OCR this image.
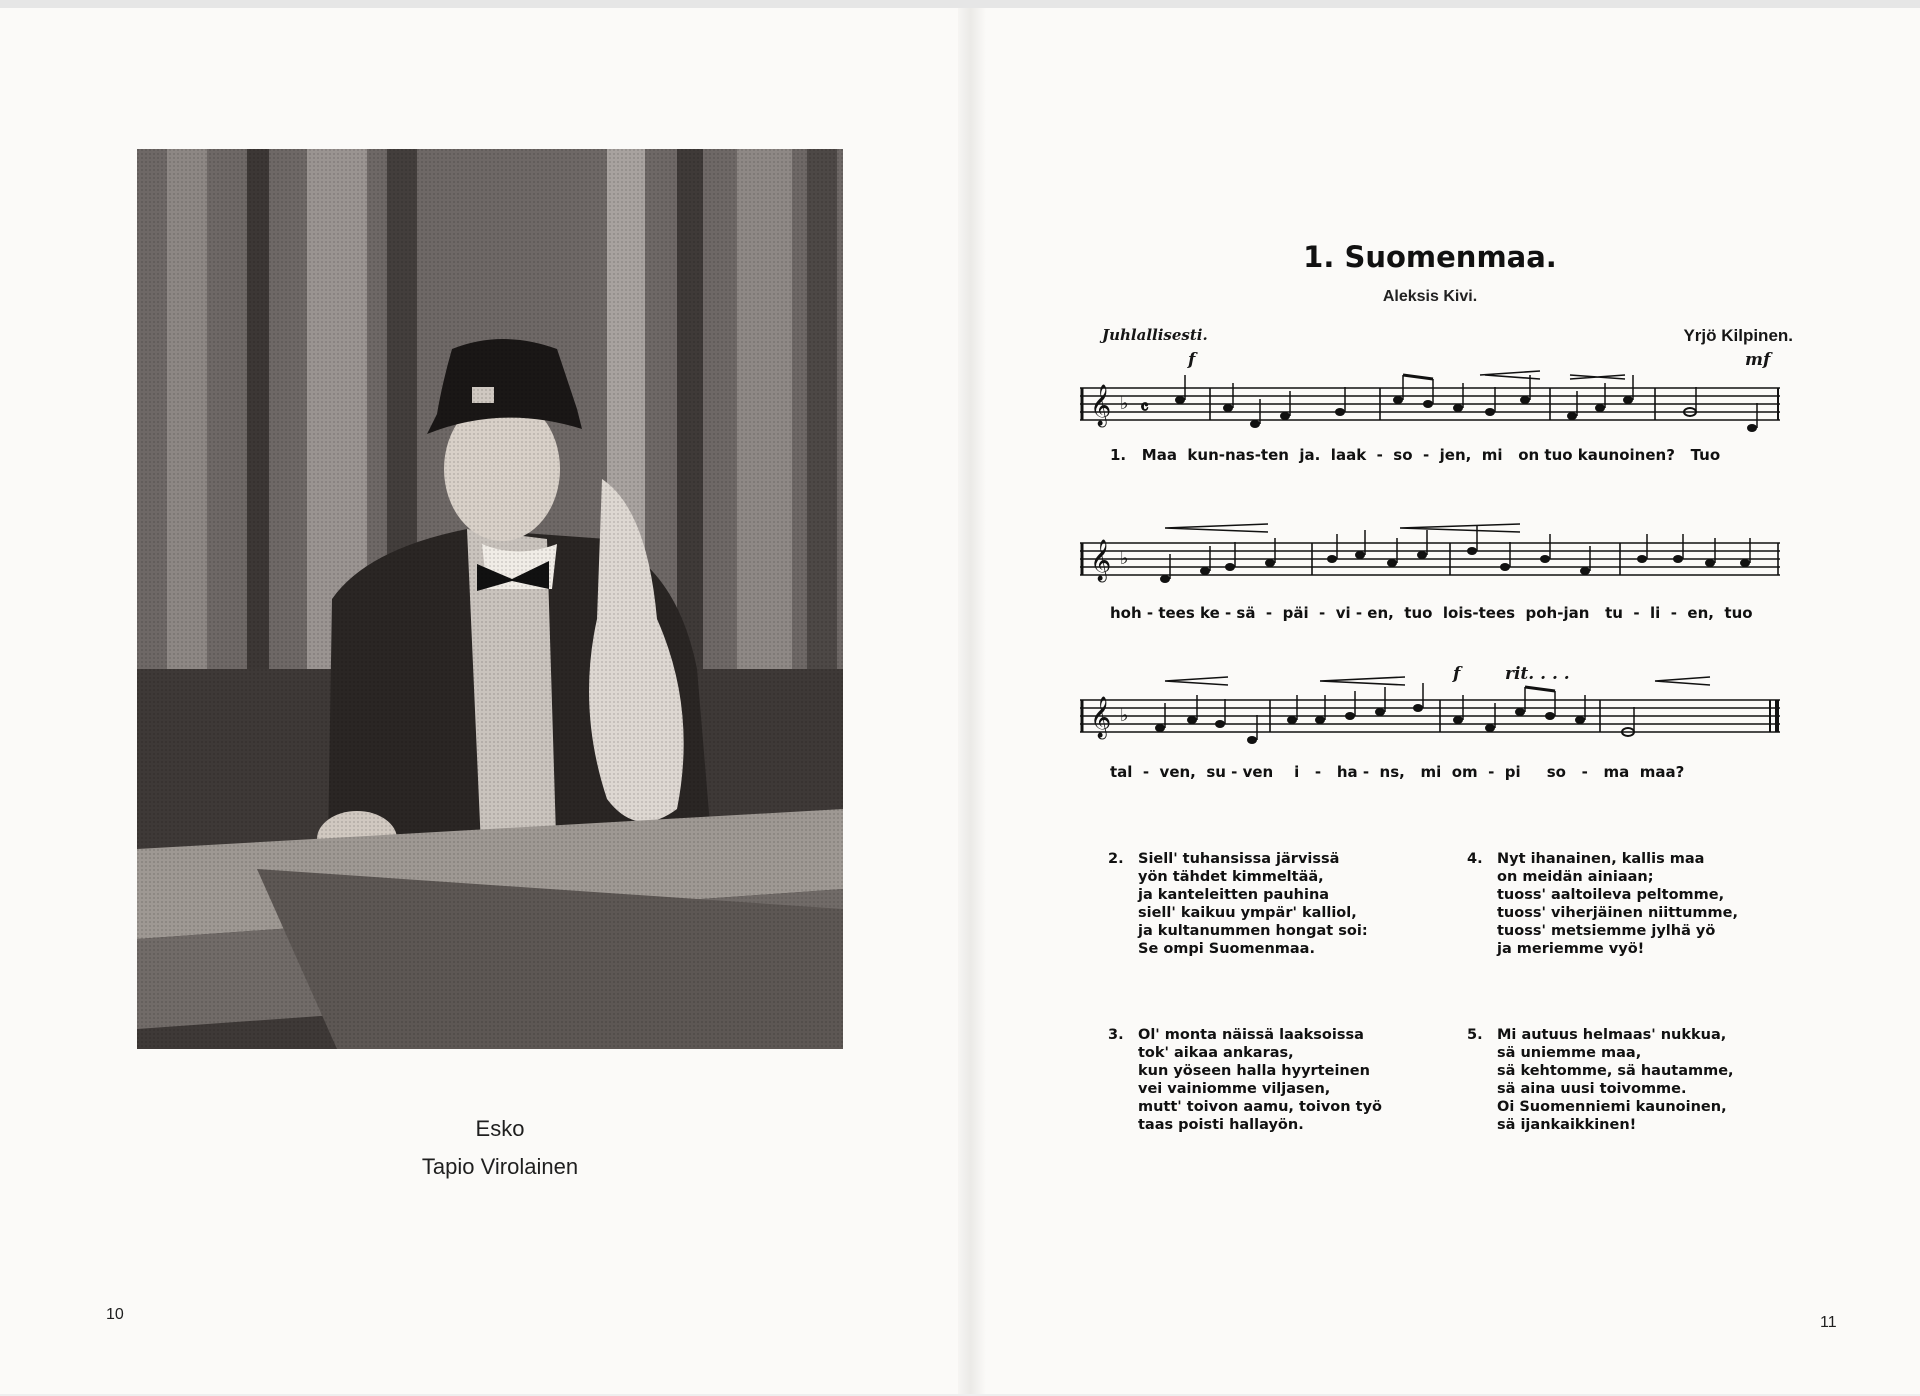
Esko
Tapio Virolainen
10
1. Suomenmaa.
Aleksis Kivi.
Juhlallisesti.	Yrjö Kilpinen.
f	mf
f	rit. . . .
𝄞 ♭ 𝄴
1.   Maa  kun-nas-ten  ja.  laak  -  so  -  jen,  mi   on tuo kaunoinen?   Tuo
𝄞 ♭
hoh - tees ke - sä  -  päi  -  vi - en,  tuo  lois-tees  poh-jan   tu  -  li  -  en,  tuo
𝄞 ♭
tal  -  ven,  su - ven    i   -   ha -  ns,   mi  om  -  pi     so   -   ma  maa?
2. Siell' tuhansissa järvissä
yön tähdet kimmeltää,
ja kanteleitten pauhina
siell' kaikuu ympär' kalliol,
ja kultanummen hongat soi:
Se ompi Suomenmaa.
4. Nyt ihanainen, kallis maa
on meidän ainiaan;
tuoss' aaltoileva peltomme,
tuoss' viherjäinen niittumme,
tuoss' metsiemme jylhä yö
ja meriemme vyö!
3. Ol' monta näissä laaksoissa
tok' aikaa ankaras,
kun yöseen halla hyyrteinen
vei vainiomme viljasen,
mutt' toivon aamu, toivon työ
taas poisti hallayön.
5. Mi autuus helmaas' nukkua,
sä uniemme maa,
sä kehtomme, sä hautamme,
sä aina uusi toivomme.
Oi Suomenniemi kaunoinen,
sä ijankaikkinen!
11
